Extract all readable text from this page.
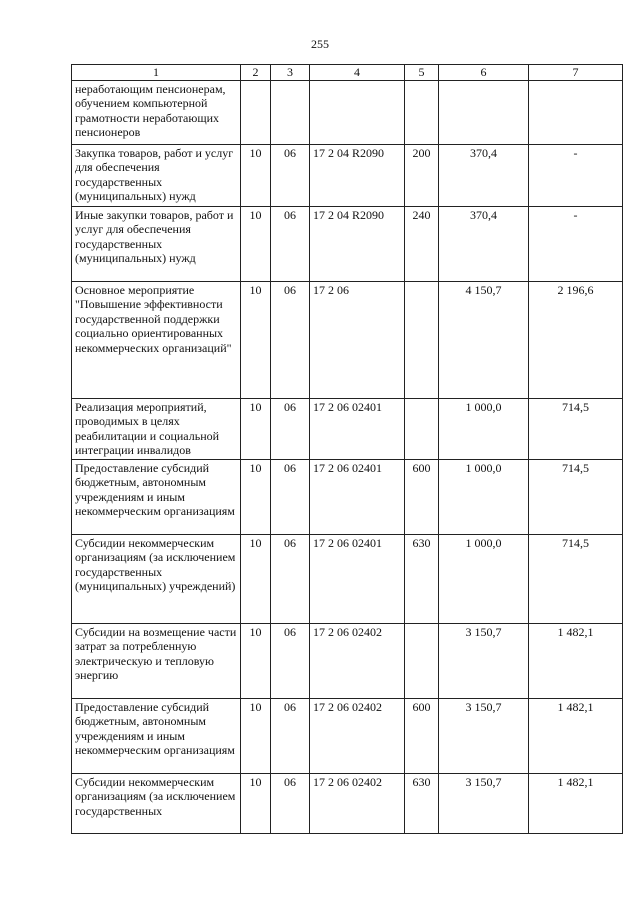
255
1	2	3	4	5	6	7
неработающим пенсионерам, обучением компьютерной грамотности неработающих пенсионеров						
Закупка товаров, работ и услуг для обеспечения государственных (муниципальных) нужд	10	06	17 2 04 R2090	200	370,4	-
Иные закупки товаров, работ и услуг для обеспечения государственных (муниципальных) нужд	10	06	17 2 04 R2090	240	370,4	-
Основное мероприятие "Повышение эффективности государственной поддержки социально ориентированных некоммерческих организаций"	10	06	17 2 06		4 150,7	2 196,6
Реализация мероприятий, проводимых в целях реабилитации и социальной интеграции инвалидов	10	06	17 2 06 02401		1 000,0	714,5
Предоставление субсидий бюджетным, автономным учреждениям и иным некоммерческим организациям	10	06	17 2 06 02401	600	1 000,0	714,5
Субсидии некоммерческим организациям (за исключением государственных (муниципальных) учреждений)	10	06	17 2 06 02401	630	1 000,0	714,5
Субсидии на возмещение части затрат за потребленную электрическую и тепловую энергию	10	06	17 2 06 02402		3 150,7	1 482,1
Предоставление субсидий бюджетным, автономным учреждениям и иным некоммерческим организациям	10	06	17 2 06 02402	600	3 150,7	1 482,1
Субсидии некоммерческим организациям (за исключением государственных	10	06	17 2 06 02402	630	3 150,7	1 482,1
